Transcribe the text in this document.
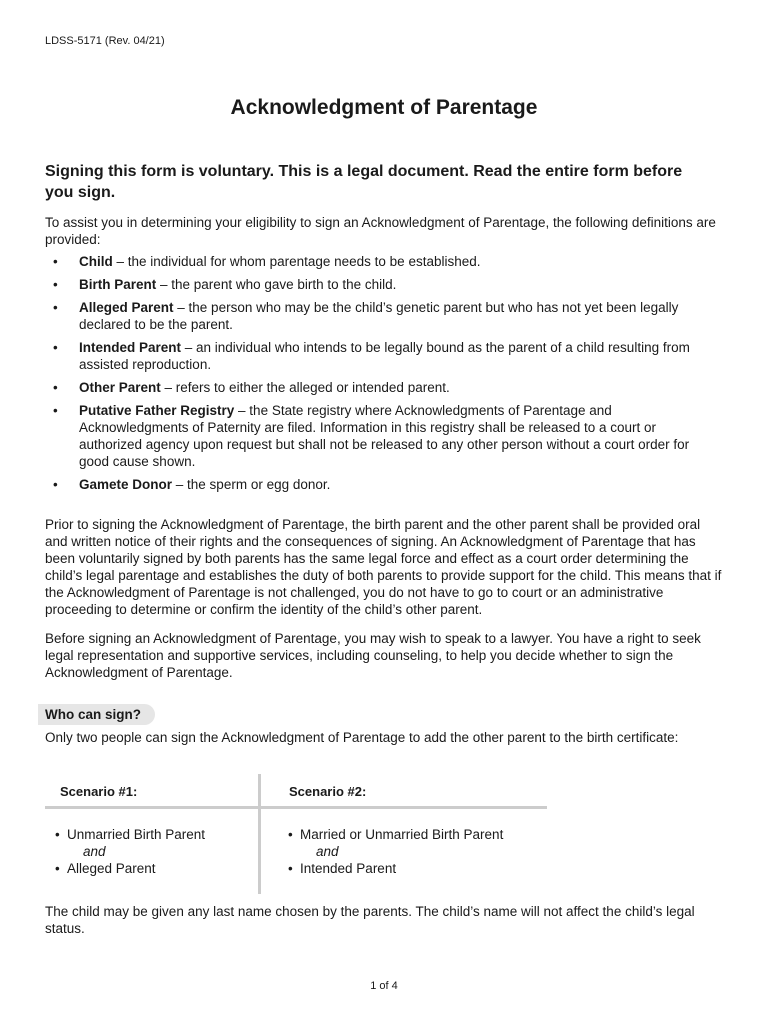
LDSS-5171 (Rev. 04/21)
Acknowledgment of Parentage

Signing this form is voluntary. This is a legal document. Read the entire form before you sign.

To assist you in determining your eligibility to sign an Acknowledgment of Parentage, the following definitions are provided:

• Child – the individual for whom parentage needs to be established.
• Birth Parent – the parent who gave birth to the child.
• Alleged Parent – the person who may be the child’s genetic parent but who has not yet been legally declared to be the parent.
• Intended Parent – an individual who intends to be legally bound as the parent of a child resulting from assisted reproduction.
• Other Parent – refers to either the alleged or intended parent.
• Putative Father Registry – the State registry where Acknowledgments of Parentage and Acknowledgments of Paternity are filed. Information in this registry shall be released to a court or authorized agency upon request but shall not be released to any other person without a court order for good cause shown.
• Gamete Donor – the sperm or egg donor.

Prior to signing the Acknowledgment of Parentage, the birth parent and the other parent shall be provided oral and written notice of their rights and the consequences of signing. An Acknowledgment of Parentage that has been voluntarily signed by both parents has the same legal force and effect as a court order determining the child’s legal parentage and establishes the duty of both parents to provide support for the child. This means that if the Acknowledgment of Parentage is not challenged, you do not have to go to court or an administrative proceeding to determine or confirm the identity of the child’s other parent.

Before signing an Acknowledgment of Parentage, you may wish to speak to a lawyer. You have a right to seek legal representation and supportive services, including counseling, to help you decide whether to sign the Acknowledgment of Parentage.

Who can sign?

Only two people can sign the Acknowledgment of Parentage to add the other parent to the birth certificate:

Scenario #1:	Scenario #2:
• Unmarried Birth Parent
and
• Alleged Parent
• Married or Unmarried Birth Parent
and
• Intended Parent

The child may be given any last name chosen by the parents. The child’s name will not affect the child’s legal status.

1 of 4
